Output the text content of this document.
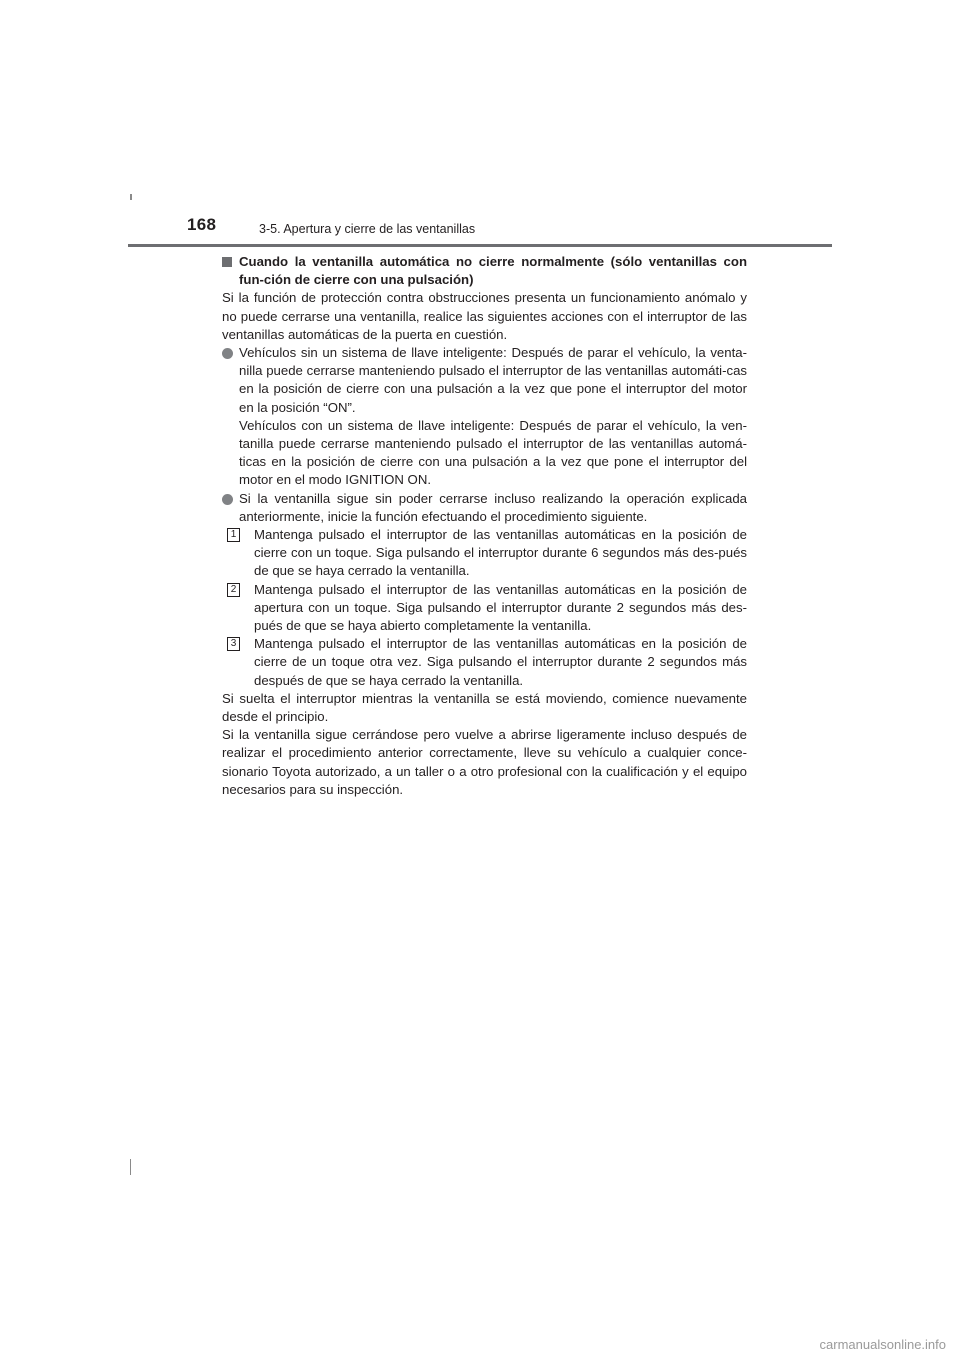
168	3-5. Apertura y cierre de las ventanillas

Cuando la ventanilla automática no cierre normalmente (sólo ventanillas con fun-ción de cierre con una pulsación)

Si la función de protección contra obstrucciones presenta un funcionamiento anómalo y no puede cerrarse una ventanilla, realice las siguientes acciones con el interruptor de las ventanillas automáticas de la puerta en cuestión.

Vehículos sin un sistema de llave inteligente: Después de parar el vehículo, la venta-nilla puede cerrarse manteniendo pulsado el interruptor de las ventanillas automáti-cas en la posición de cierre con una pulsación a la vez que pone el interruptor del motor en la posición “ON”.

Vehículos con un sistema de llave inteligente: Después de parar el vehículo, la ven-tanilla puede cerrarse manteniendo pulsado el interruptor de las ventanillas automá-ticas en la posición de cierre con una pulsación a la vez que pone el interruptor del motor en el modo IGNITION ON.

Si la ventanilla sigue sin poder cerrarse incluso realizando la operación explicada anteriormente, inicie la función efectuando el procedimiento siguiente.

1 Mantenga pulsado el interruptor de las ventanillas automáticas en la posición de cierre con un toque. Siga pulsando el interruptor durante 6 segundos más des-pués de que se haya cerrado la ventanilla.

2 Mantenga pulsado el interruptor de las ventanillas automáticas en la posición de apertura con un toque. Siga pulsando el interruptor durante 2 segundos más des-pués de que se haya abierto completamente la ventanilla.

3 Mantenga pulsado el interruptor de las ventanillas automáticas en la posición de cierre de un toque otra vez. Siga pulsando el interruptor durante 2 segundos más después de que se haya cerrado la ventanilla.

Si suelta el interruptor mientras la ventanilla se está moviendo, comience nuevamente desde el principio.

Si la ventanilla sigue cerrándose pero vuelve a abrirse ligeramente incluso después de realizar el procedimiento anterior correctamente, lleve su vehículo a cualquier conce-sionario Toyota autorizado, a un taller o a otro profesional con la cualificación y el equipo necesarios para su inspección.

carmanualsonline.info
